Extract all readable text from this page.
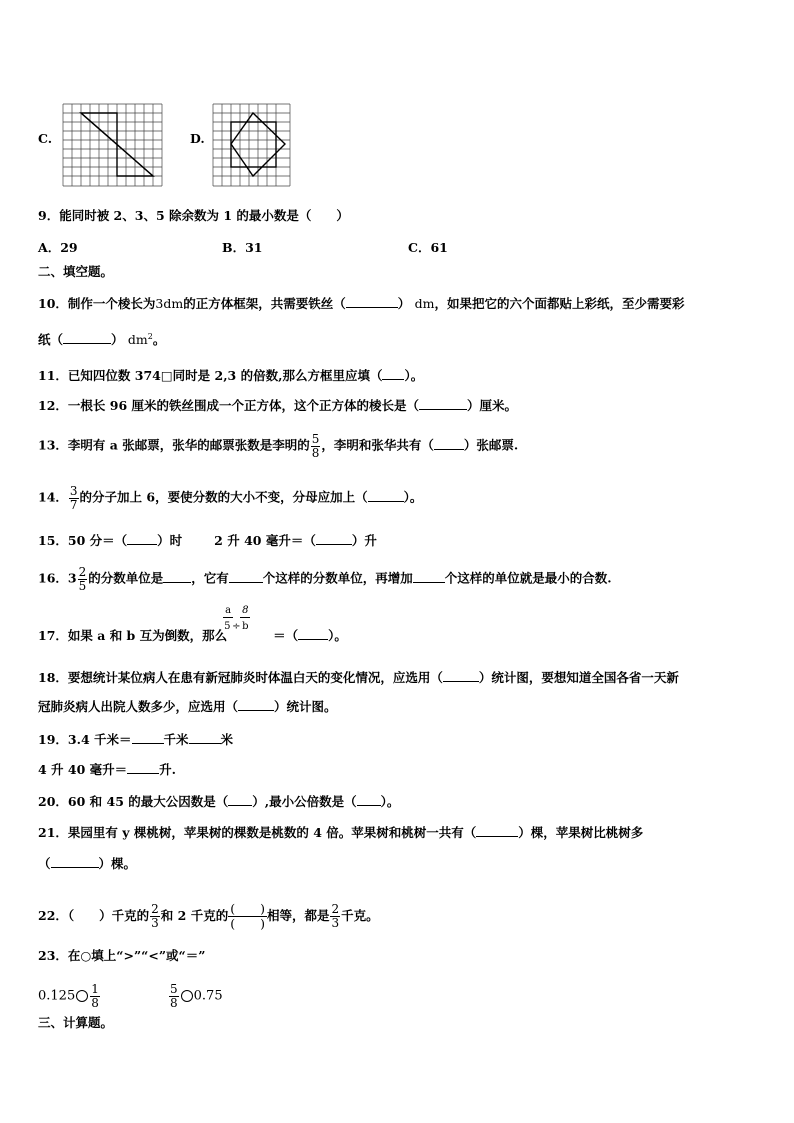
C.	D.
9．能同时被 2、3、5 除余数为 1 的最小数是（　　）
A．29	B．31	C．61
二、填空题。
10．制作一个棱长为3dm的正方体框架，共需要铁丝（	） dm，如果把它的六个面都贴上彩纸，至少需要彩
纸（	） $dm^2$。
11．已知四位数 374□同时是 2,3 的倍数,那么方框里应填（ ）。
12．一根长 96 厘米的铁丝围成一个正方体，这个正方体的棱长是（	）厘米。
13．李明有 a 张邮票，张华的邮票张数是李明的 $\frac{5}{8}$ ，李明和张华共有（ ）张邮票.
14． $\frac{3}{7}$ 的分子加上 6，要使分数的大小不变，分母应加上（	）。
15．50 分＝（ ）时	2 升 40 毫升＝（	）升
16．$3 \frac{2}{5}$ 的分数单位是 ，它有	个这样的分数单位，再增加	个这样的单位就是最小的合数.
17．如果 a 和 b 互为倒数，那么
a
5 ÷
8
b
＝（ ）。
18．要想统计某位病人在患有新冠肺炎时体温白天的变化情况，应选用（	）统计图，要想知道全国各省一天新
冠肺炎病人出院人数多少，应选用（	）统计图。
19．3.4 千米＝	千米	米
4 升 40 毫升＝	升.
20．60 和 45 的最大公因数是（ ）,最小公倍数是（ ）。
21．果园里有 y 棵桃树，苹果树的棵数是桃数的 4 倍。苹果树和桃树一共有（	）棵，苹果树比桃树多
（	）棵。
22．（　　）千克的 $\frac{2}{3}$ 和 2 千克的 $\frac{( )}{( )}$ 相等，都是 $\frac{2}{3}$ 千克。
23．在○填上“>”“<”或“＝”
$0.125 \frac{1}{8}$	$\frac{5}{8} 0.75$
三、计算题。
